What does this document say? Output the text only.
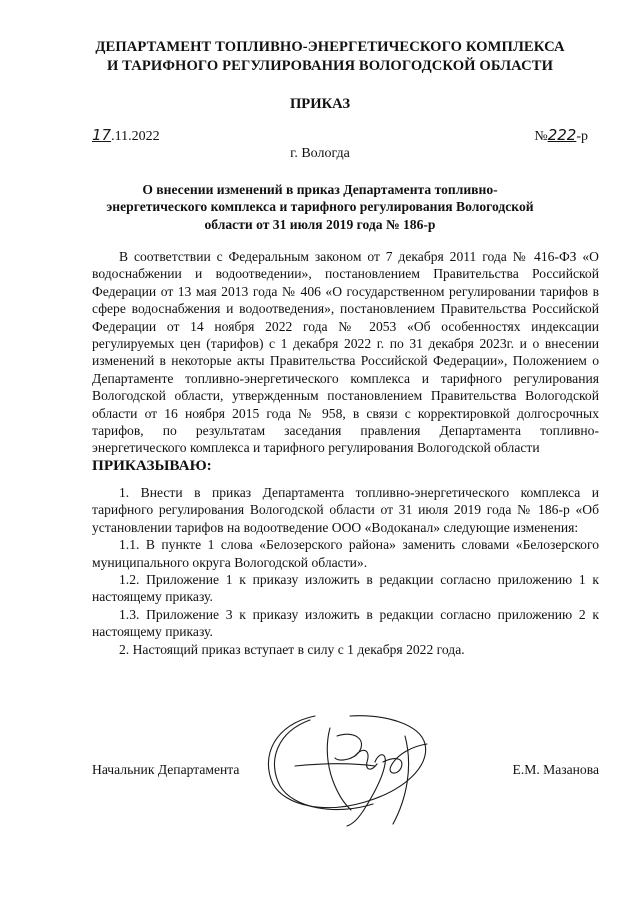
ДЕПАРТАМЕНТ ТОПЛИВНО-ЭНЕРГЕТИЧЕСКОГО КОМПЛЕКСА
И ТАРИФНОГО РЕГУЛИРОВАНИЯ ВОЛОГОДСКОЙ ОБЛАСТИ
ПРИКАЗ
17.11.2022	№222-р
г. Вологда
О внесении изменений в приказ Департамента топливно-
энергетического комплекса и тарифного регулирования Вологодской
области от 31 июля 2019 года № 186-р

В соответствии с Федеральным законом от 7 декабря 2011 года № 416-ФЗ «О водоснабжении и водоотведении», постановлением Правительства Российской Федерации от 13 мая 2013 года № 406 «О государственном регулировании тарифов в сфере водоснабжения и водоотведения», постановлением Правительства Российской Федерации от 14 ноября 2022 года № 2053 «Об особенностях индексации регулируемых цен (тарифов) с 1 декабря 2022 г. по 31 декабря 2023г. и о внесении изменений в некоторые акты Правительства Российской Федерации», Положением о Департаменте топливно-энергетического комплекса и тарифного регулирования Вологодской области, утвержденным постановлением Правительства Вологодской области от 16 ноября 2015 года № 958, в связи с корректировкой долгосрочных тарифов, по результатам заседания правления Департамента топливно-энергетического комплекса и тарифного регулирования Вологодской области

ПРИКАЗЫВАЮ:

1. Внести в приказ Департамента топливно-энергетического комплекса и тарифного регулирования Вологодской области от 31 июля 2019 года № 186-р «Об установлении тарифов на водоотведение ООО «Водоканал» следующие изменения:

1.1. В пункте 1 слова «Белозерского района» заменить словами «Белозерского муниципального округа Вологодской области».

1.2. Приложение 1 к приказу изложить в редакции согласно приложению 1 к настоящему приказу.

1.3. Приложение 3 к приказу изложить в редакции согласно приложению 2 к настоящему приказу.

2. Настоящий приказ вступает в силу с 1 декабря 2022 года.

Начальник Департамента	Е.М. Мазанова
